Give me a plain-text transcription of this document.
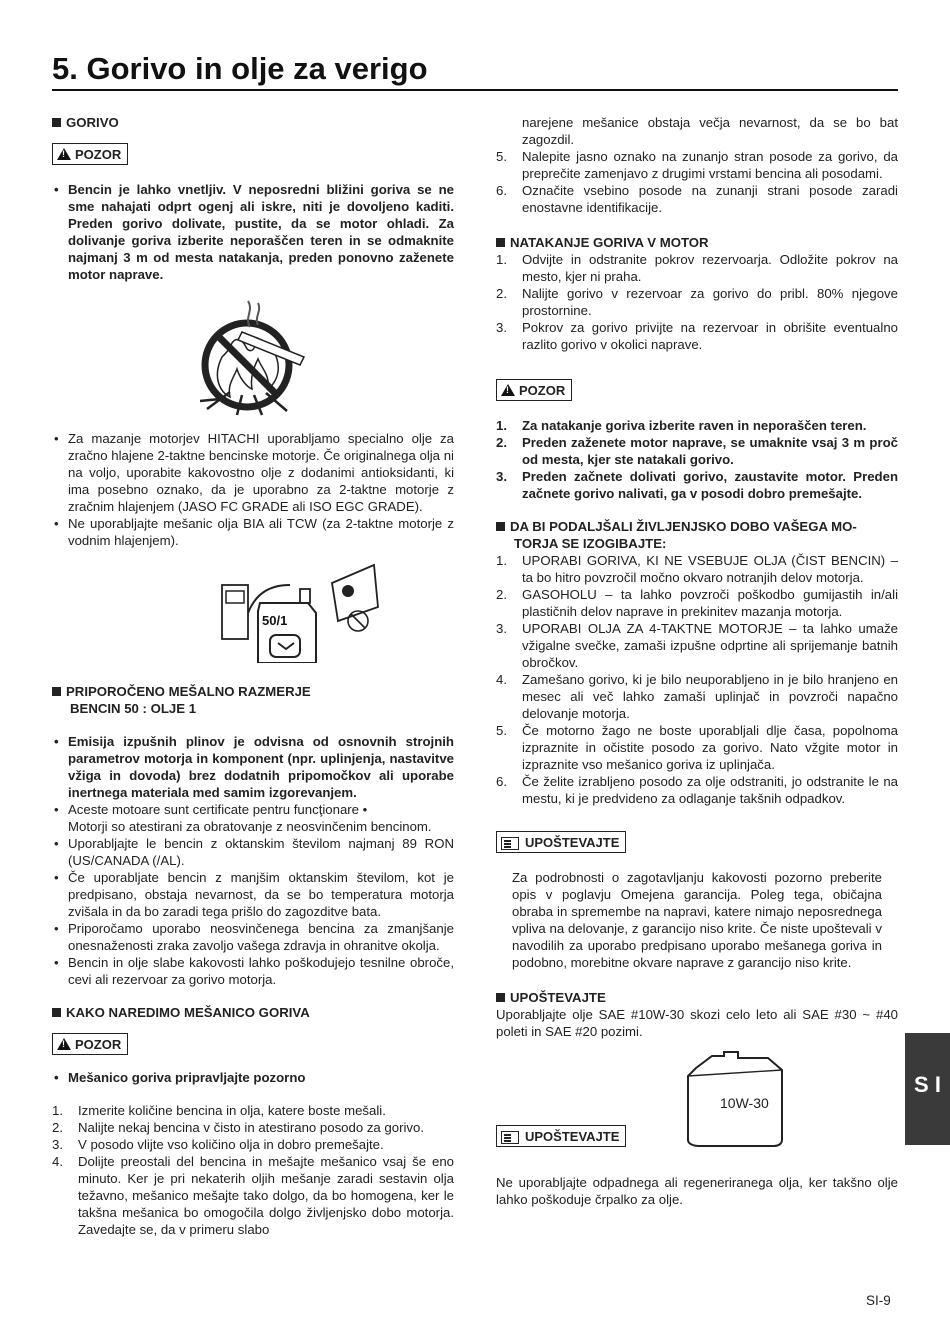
5. Gorivo in olje za verigo

GORIVO

!POZOR
• Bencin je lahko vnetljiv. V neposredni bližini goriva se ne sme nahajati odprt ogenj ali iskre, niti je dovoljeno kaditi. Preden gorivo dolivate, pustite, da se motor ohladi. Za dolivanje goriva izberite neporaščen teren in se odmaknite najmanj 3 m od mesta natakanja, preden ponovno zaženete motor naprave.
• Za mazanje motorjev HITACHI uporabljamo specialno olje za zračno hlajene 2-taktne bencinske motorje. Če originalnega olja ni na voljo, uporabite kakovostno olje z dodanimi antioksidanti, ki ima posebno oznako, da je uporabno za 2-taktne motorje z zračnim hlajenjem (JASO FC GRADE ali ISO EGC GRADE).
• Ne uporabljajte mešanic olja BIA ali TCW (za 2-taktne motorje z vodnim hlajenjem).
50/1

PRIPOROČENO MEŠALNO RAZMERJE

BENCIN 50 : OLJE 1

• Emisija izpušnih plinov je odvisna od osnovnih strojnih parametrov motorja in komponent (npr. uplinjenja, nastavitve vžiga in dovoda) brez dodatnih pripomočkov ali uporabe inertnega materiala med samim izgorevanjem.
• Aceste motoare sunt certificate pentru funcţionare •
Motorji so atestirani za obratovanje z neosvinčenim bencinom.
• Uporabljajte le bencin z oktanskim številom najmanj 89 RON (US/CANADA (/AL).
• Če uporabljate bencin z manjšim oktanskim številom, kot je predpisano, obstaja nevarnost, da se bo temperatura motorja zvišala in da bo zaradi tega prišlo do zagozditve bata.
• Priporočamo uporabo neosvinčenega bencina za zmanjšanje onesnaženosti zraka zavoljo vašega zdravja in ohranitve okolja.
• Bencin in olje slabe kakovosti lahko poškodujejo tesnilne obroče, cevi ali rezervoar za gorivo motorja.

KAKO NAREDIMO MEŠANICO GORIVA

!POZOR
• Mešanico goriva pripravljajte pozorno
1. Izmerite količine bencina in olja, katere boste mešali.
2. Nalijte nekaj bencina v čisto in atestirano posodo za gorivo.
3. V posodo vlijte vso količino olja in dobro premešajte.
4. Dolijte preostali del bencina in mešajte mešanico vsaj še eno minuto. Ker je pri nekaterih oljih mešanje zaradi sestavin olja težavno, mešanico mešajte tako dolgo, da bo homogena, ker le takšna mešanica bo omogočila dolgo življenjsko dobo motorja. Zavedajte se, da v primeru slabo

narejene mešanice obstaja večja nevarnost, da se bo bat zagozdil.

5. Nalepite jasno oznako na zunanjo stran posode za gorivo, da preprečite zamenjavo z drugimi vrstami bencina ali posodami.
6. Označite vsebino posode na zunanji strani posode zaradi enostavne identifikacije.

NATAKANJE GORIVA V MOTOR

1. Odvijte in odstranite pokrov rezervoarja. Odložite pokrov na mesto, kjer ni praha.
2. Nalijte gorivo v rezervoar za gorivo do pribl. 80% njegove prostornine.
3. Pokrov za gorivo privijte na rezervoar in obrišite eventualno razlito gorivo v okolici naprave.
!POZOR
1. Za natakanje goriva izberite raven in neporaščen teren.
2. Preden zaženete motor naprave, se umaknite vsaj 3 m proč od mesta, kjer ste natakali gorivo.
3. Preden začnete dolivati gorivo, zaustavite motor. Preden začnete gorivo nalivati, ga v posodi dobro premešajte.

DA BI PODALJŠALI ŽIVLJENJSKO DOBO VAŠEGA MO-

TORJA SE IZOGIBAJTE:

1. UPORABI GORIVA, KI NE VSEBUJE OLJA (ČIST BENCIN) – ta bo hitro povzročil močno okvaro notranjih delov motorja.
2. GASOHOLU – ta lahko povzroči poškodbo gumijastih in/ali plastičnih delov naprave in prekinitev mazanja motorja.
3. UPORABI OLJA ZA 4-TAKTNE MOTORJE – ta lahko umaže vžigalne svečke, zamaši izpušne odprtine ali sprijemanje batnih obročkov.
4. Zamešano gorivo, ki je bilo neuporabljeno in je bilo hranjeno en mesec ali več lahko zamaši uplinjač in povzroči napačno delovanje motorja.
5. Če motorno žago ne boste uporabljali dlje časa, popolnoma izpraznite in očistite posodo za gorivo. Nato vžgite motor in izpraznite vso mešanico goriva iz uplinjača.
6. Če želite izrabljeno posodo za olje odstraniti, jo odstranite le na mestu, ki je predvideno za odlaganje takšnih odpadkov.
UPOŠTEVAJTE

Za podrobnosti o zagotavljanju kakovosti pozorno preberite opis v poglavju Omejena garancija. Poleg tega, običajna obraba in spremembe na napravi, katere nimajo neposrednega vpliva na delovanje, z garancijo niso krite. Če niste upoštevali v navodilih za uporabo predpisano uporabo mešanega goriva in podobno, morebitne okvare naprave z garancijo niso krite.

UPOŠTEVAJTE

Uporabljajte olje SAE #10W-30 skozi celo leto ali SAE #30 ~ #40 poleti in SAE #20 pozimi.

10W-30
UPOŠTEVAJTE

Ne uporabljajte odpadnega ali regeneriranega olja, ker takšno olje lahko poškoduje črpalko za olje.

S I
SI-9
